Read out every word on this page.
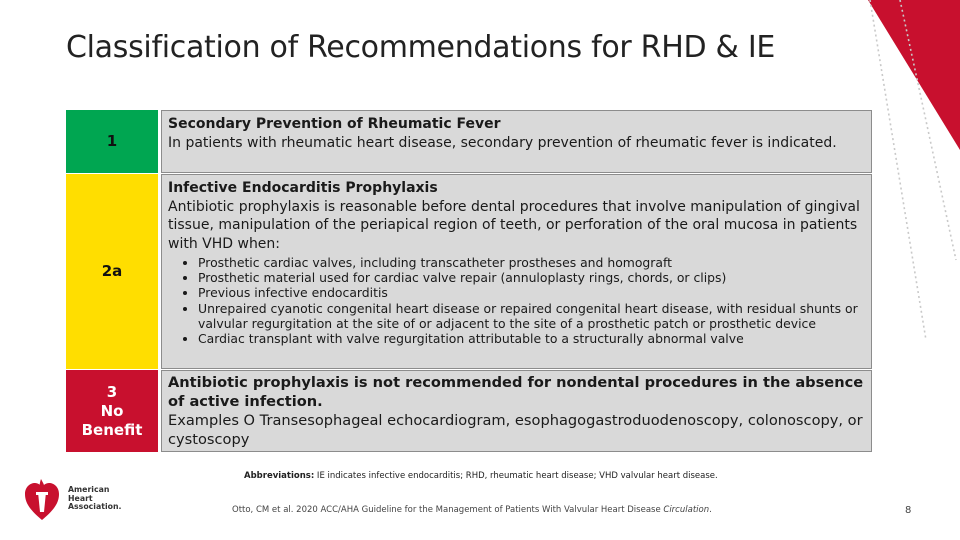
Classification of Recommendations for RHD & IE
1
Secondary Prevention of Rheumatic Fever
In patients with rheumatic heart disease, secondary prevention of rheumatic fever is indicated.
2a
Infective Endocarditis Prophylaxis
Antibiotic prophylaxis is reasonable before dental procedures that involve manipulation of gingival tissue, manipulation of the periapical region of teeth, or perforation of the oral mucosa in patients with VHD when:
• Prosthetic cardiac valves, including transcatheter prostheses and homograft
• Prosthetic material used for cardiac valve repair (annuloplasty rings, chords, or clips)
• Previous infective endocarditis
• Unrepaired cyanotic congenital heart disease or repaired congenital heart disease, with residual shunts or valvular regurgitation at the site of or adjacent to the site of a prosthetic patch or prosthetic device
• Cardiac transplant with valve regurgitation attributable to a structurally abnormal valve
3
No
Benefit
Antibiotic prophylaxis is not recommended for nondental procedures in the absence of active infection.
Examples O Transesophageal echocardiogram, esophagogastroduodenoscopy, colonoscopy, or cystoscopy
Abbreviations: IE indicates infective endocarditis; RHD, rheumatic heart disease; VHD valvular heart disease.
Otto, CM et al. 2020 ACC/AHA Guideline for the Management of Patients With Valvular Heart Disease Circulation.	8
American
Heart
Association.
